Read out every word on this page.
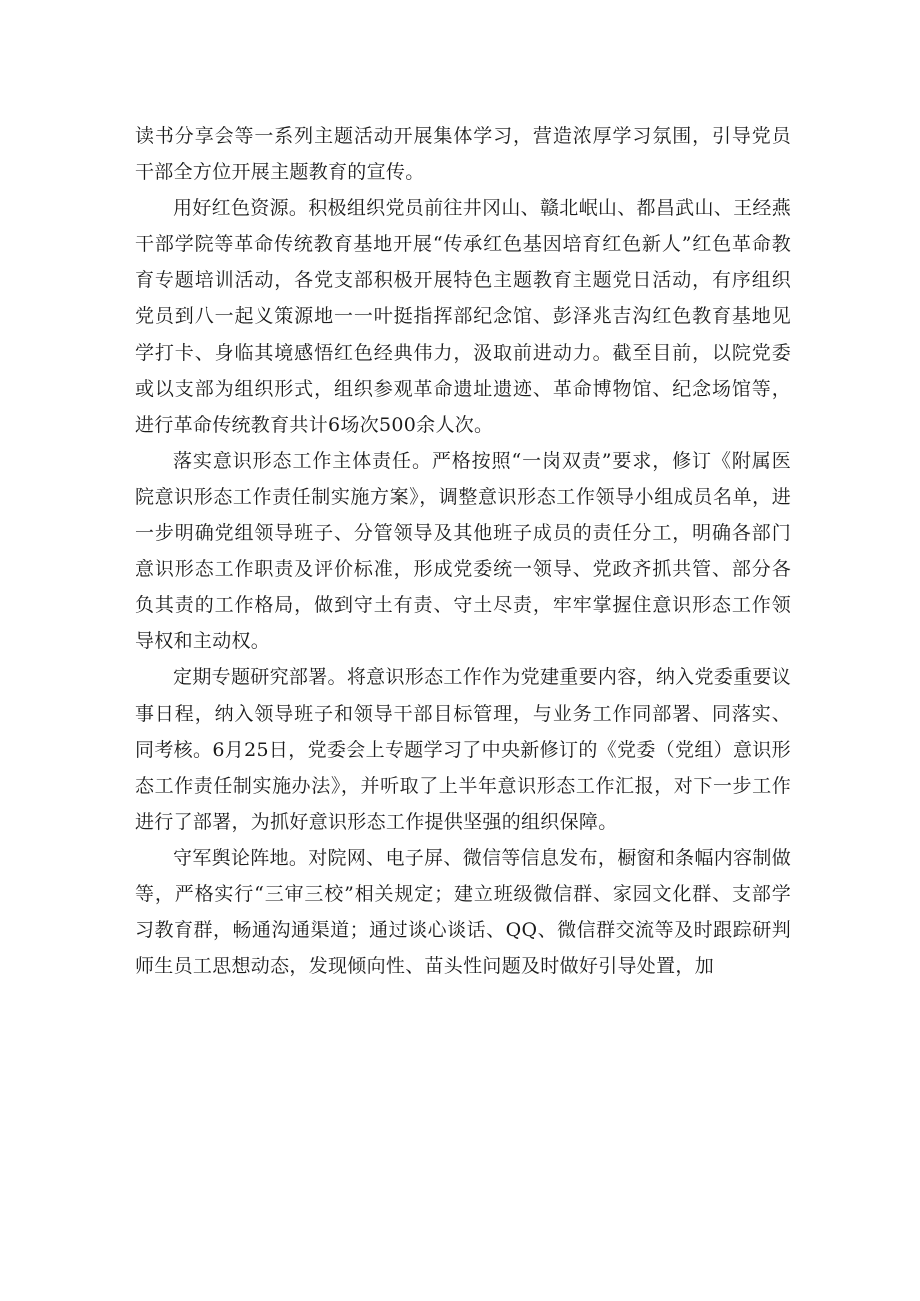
读书分享会等一系列主题活动开展集体学习，营造浓厚学习氛围，引导党员干部全方位开展主题教育的宣传。

用好红色资源。积极组织党员前往井冈山、赣北岷山、都昌武山、王经燕干部学院等革命传统教育基地开展“传承红色基因培育红色新人”红色革命教育专题培训活动，各党支部积极开展特色主题教育主题党日活动，有序组织党员到八一起义策源地一一叶挺指挥部纪念馆、彭泽兆吉沟红色教育基地见学打卡、身临其境感悟红色经典伟力，汲取前进动力。截至目前，以院党委或以支部为组织形式，组织参观革命遗址遗迹、革命博物馆、纪念场馆等，进行革命传统教育共计6场次500余人次。

落实意识形态工作主体责任。严格按照“一岗双责”要求，修订《附属医院意识形态工作责任制实施方案》，调整意识形态工作领导小组成员名单，进一步明确党组领导班子、分管领导及其他班子成员的责任分工，明确各部门意识形态工作职责及评价标准，形成党委统一领导、党政齐抓共管、部分各负其责的工作格局，做到守土有责、守土尽责，牢牢掌握住意识形态工作领导权和主动权。

定期专题研究部署。将意识形态工作作为党建重要内容，纳入党委重要议事日程，纳入领导班子和领导干部目标管理，与业务工作同部署、同落实、同考核。6月25日，党委会上专题学习了中央新修订的《党委（党组）意识形态工作责任制实施办法》，并听取了上半年意识形态工作汇报，对下一步工作进行了部署，为抓好意识形态工作提供坚强的组织保障。

守军舆论阵地。对院网、电子屏、微信等信息发布，橱窗和条幅内容制做等，严格实行“三审三校”相关规定；建立班级微信群、家园文化群、支部学习教育群，畅通沟通渠道；通过谈心谈话、QQ、微信群交流等及时跟踪研判师生员工思想动态，发现倾向性、苗头性问题及时做好引导处置，加
